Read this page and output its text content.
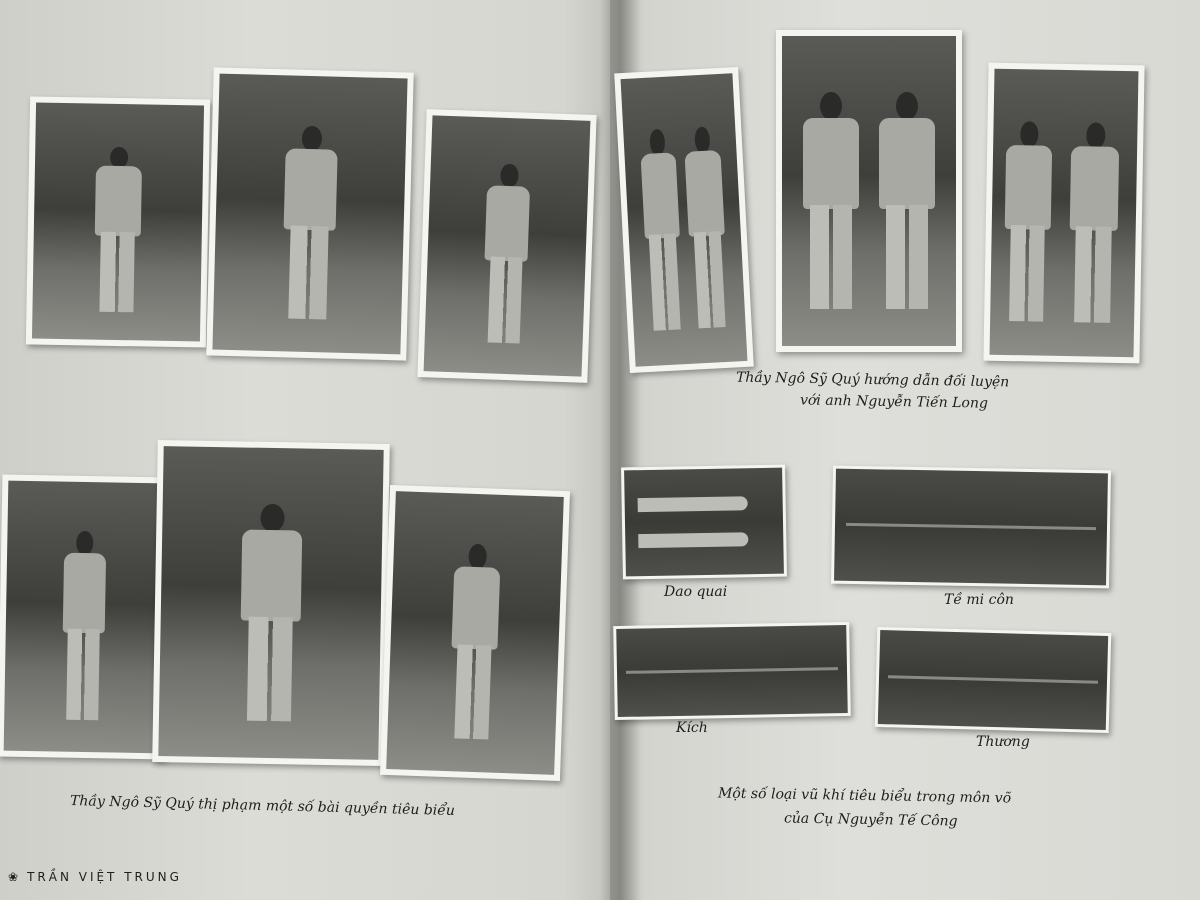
Thầy Ngô Sỹ Quý thị phạm một số bài quyền tiêu biểu
❀ TRẦN VIỆT TRUNG
Thầy Ngô Sỹ Quý hướng dẫn đối luyện
với anh Nguyễn Tiến Long
Dao quai	Tề mi côn
Kích
Thương
Một số loại vũ khí tiêu biểu trong môn võ
của Cụ Nguyễn Tế Công
